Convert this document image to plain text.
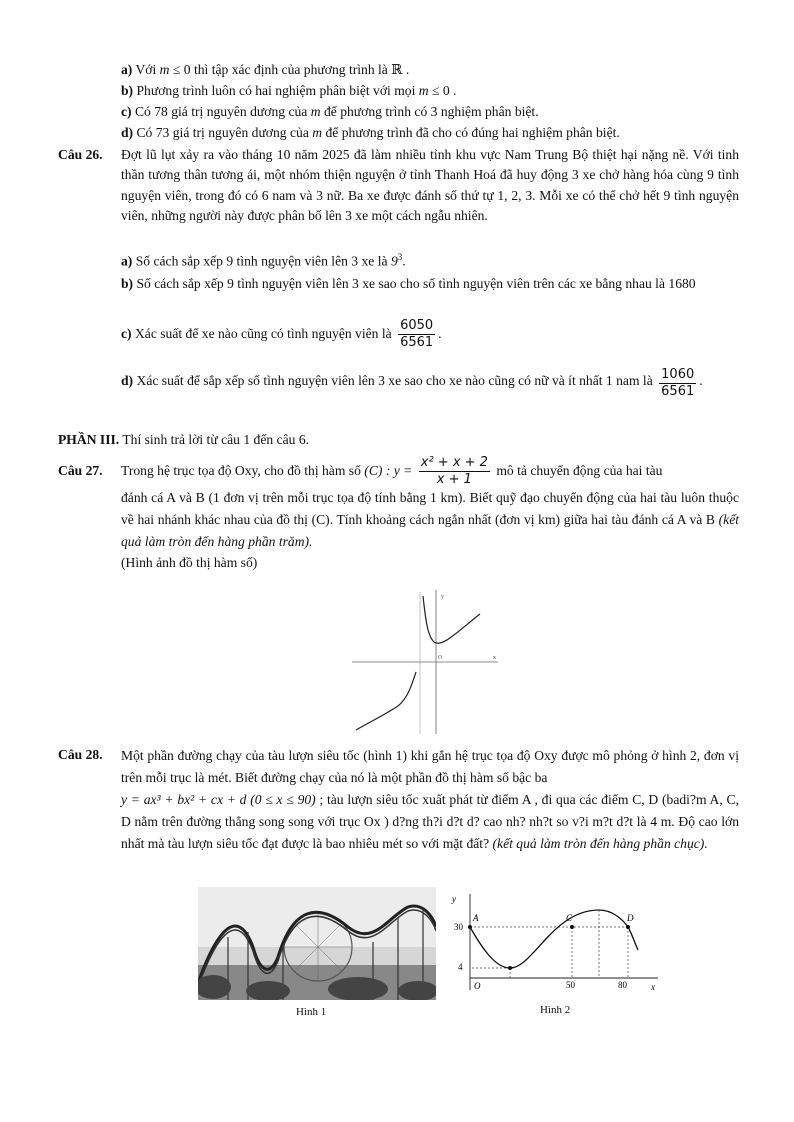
a) Với m ≤ 0 thì tập xác định của phương trình là ℝ .
b) Phương trình luôn có hai nghiệm phân biệt với mọi m ≤ 0 .
c) Có 78 giá trị nguyên dương của m để phương trình có 3 nghiệm phân biệt.
d) Có 73 giá trị nguyên dương của m để phương trình đã cho có đúng hai nghiệm phân biệt.
Câu 26. Đợt lũ lụt xảy ra vào tháng 10 năm 2025 đã làm nhiều tỉnh khu vực Nam Trung Bộ thiệt hại nặng nề. Với tinh thần tương thân tương ái, một nhóm thiện nguyện ở tỉnh Thanh Hoá đã huy động 3 xe chở hàng hóa cùng 9 tình nguyện viên, trong đó có 6 nam và 3 nữ. Ba xe được đánh số thứ tự 1, 2, 3. Mỗi xe có thể chở hết 9 tình nguyện viên, những người này được phân bố lên 3 xe một cách ngẫu nhiên.
a) Số cách sắp xếp 9 tình nguyện viên lên 3 xe là $9^3$.
b) Số cách sắp xếp 9 tình nguyện viên lên 3 xe sao cho số tình nguyện viên trên các xe bằng nhau là 1680
c) Xác suất để xe nào cũng có tình nguyện viên là $\frac{6050}{6561}$ .
d) Xác suất để sắp xếp số tình nguyện viên lên 3 xe sao cho xe nào cũng có nữ và ít nhất 1 nam là $\frac{1060}{6561}$ .
PHẦN III. Thí sinh trả lời từ câu 1 đến câu 6.
Câu 27. Trong hệ trục tọa độ Oxy, cho đồ thị hàm số (C) : $y = \frac{\text{x² + x + 2}}{x + 1}$ mô tả chuyển động của hai tàu
đánh cá A và B (1 đơn vị trên mỗi trục tọa độ tính bằng 1 km). Biết quỹ đạo chuyển động của hai tàu luôn thuộc về hai nhánh khác nhau của đồ thị (C). Tính khoảng cách ngắn nhất (đơn vị km) giữa hai tàu đánh cá A và B (kết quả làm tròn đến hàng phần trăm).
(Hình ảnh đồ thị hàm số)
y
x
O
Câu 28. Một phần đường chạy của tàu lượn siêu tốc (hình 1) khi gắn hệ trục tọa độ Oxy được mô phỏng ở hình 2, đơn vị trên mỗi trục là mét. Biết đường chạy của nó là một phần đồ thị hàm số bậc ba
y = ax³ + bx² + cx + d (0 ≤ x ≤ 90) ; tàu lượn siêu tốc xuất phát từ điểm A , đi qua các điểm C, D (badi?m A, C, D nằm trên đường thẳng song song với trục Ox ) d?ng th?i d?t d? cao nh? nh?t so v?i m?t d?t là 4 m. Độ cao lớn nhất mà tàu lượn siêu tốc đạt được là bao nhiêu mét so với mặt đất? (kết quả làm tròn đến hàng phần chục).
Hình 1
y
x
O
30
4
50	80
A	C	D
Hình 2
